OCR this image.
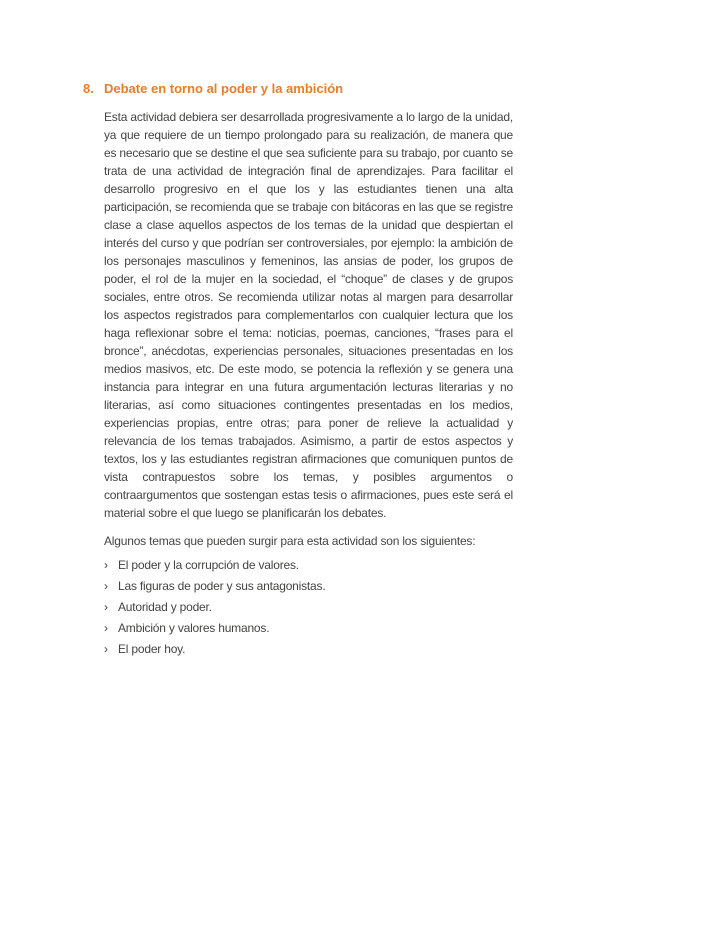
8. Debate en torno al poder y la ambición
Esta actividad debiera ser desarrollada progresivamente a lo largo de la unidad, ya que requiere de un tiempo prolongado para su realización, de manera que es necesario que se destine el que sea suficiente para su trabajo, por cuanto se trata de una actividad de integración final de aprendizajes. Para facilitar el desarrollo progresivo en el que los y las estudiantes tienen una alta participación, se recomienda que se trabaje con bitácoras en las que se registre clase a clase aquellos aspectos de los temas de la unidad que despiertan el interés del curso y que podrían ser controversiales, por ejemplo: la ambición de los personajes masculinos y femeninos, las ansias de poder, los grupos de poder, el rol de la mujer en la sociedad, el “choque” de clases y de grupos sociales, entre otros. Se recomienda utilizar notas al margen para desarrollar los aspectos registrados para complementarlos con cualquier lectura que los haga reflexionar sobre el tema: noticias, poemas, canciones, “frases para el bronce”, anécdotas, experiencias personales, situaciones presentadas en los medios masivos, etc. De este modo, se potencia la reflexión y se genera una instancia para integrar en una futura argumentación lecturas literarias y no literarias, así como situaciones contingentes presentadas en los medios, experiencias propias, entre otras; para poner de relieve la actualidad y relevancia de los temas trabajados. Asimismo, a partir de estos aspectos y textos, los y las estudiantes registran afirmaciones que comuniquen puntos de vista contrapuestos sobre los temas, y posibles argumentos o contraargumentos que sostengan estas tesis o afirmaciones, pues este será el material sobre el que luego se planificarán los debates.
Algunos temas que pueden surgir para esta actividad son los siguientes:
› El poder y la corrupción de valores.
› Las figuras de poder y sus antagonistas.
› Autoridad y poder.
› Ambición y valores humanos.
› El poder hoy.
